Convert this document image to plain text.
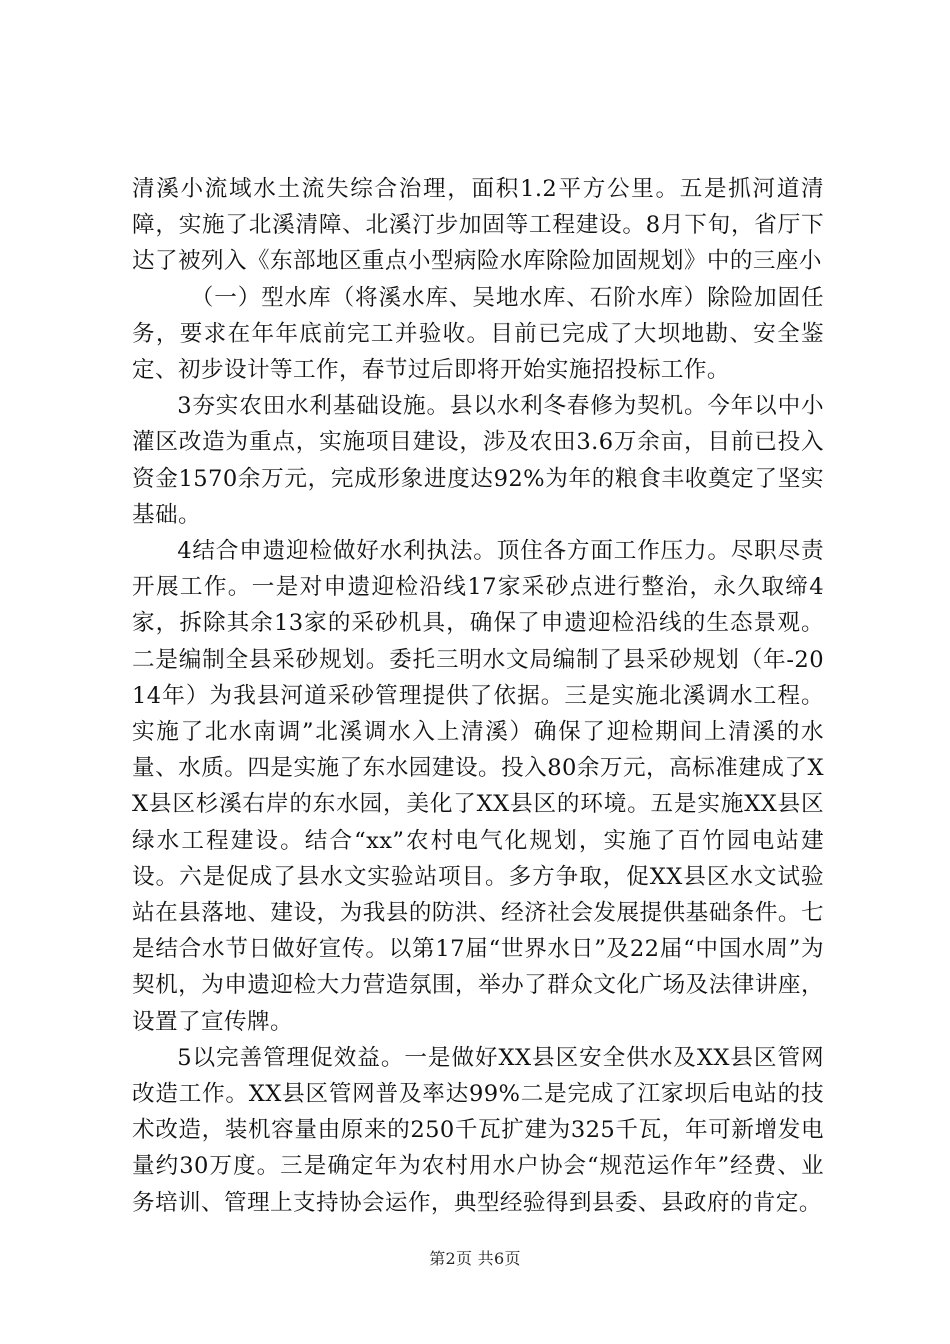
清溪小流域水土流失综合治理，面积1.2平方公里。五是抓河道清障，实施了北溪清障、北溪汀步加固等工程建设。8月下旬，省厅下达了被列入《东部地区重点小型病险水库除险加固规划》中的三座小

（一）型水库（将溪水库、吴地水库、石阶水库）除险加固任务，要求在年年底前完工并验收。目前已完成了大坝地勘、安全鉴定、初步设计等工作，春节过后即将开始实施招投标工作。

3夯实农田水利基础设施。县以水利冬春修为契机。今年以中小灌区改造为重点，实施项目建设，涉及农田3.6万余亩，目前已投入资金1570余万元，完成形象进度达92%为年的粮食丰收奠定了坚实基础。

4结合申遗迎检做好水利执法。顶住各方面工作压力。尽职尽责开展工作。一是对申遗迎检沿线17家采砂点进行整治，永久取缔4家，拆除其余13家的采砂机具，确保了申遗迎检沿线的生态景观。二是编制全县采砂规划。委托三明水文局编制了县采砂规划（年-2014年）为我县河道采砂管理提供了依据。三是实施北溪调水工程。实施了北水南调”北溪调水入上清溪）确保了迎检期间上清溪的水量、水质。四是实施了东水园建设。投入80余万元，高标准建成了XX县区杉溪右岸的东水园，美化了XX县区的环境。五是实施XX县区绿水工程建设。结合“xx”农村电气化规划，实施了百竹园电站建设。六是促成了县水文实验站项目。多方争取，促XX县区水文试验站在县落地、建设，为我县的防洪、经济社会发展提供基础条件。七是结合水节日做好宣传。以第17届“世界水日”及22届“中国水周”为契机，为申遗迎检大力营造氛围，举办了群众文化广场及法律讲座，设置了宣传牌。

5以完善管理促效益。一是做好XX县区安全供水及XX县区管网改造工作。XX县区管网普及率达99%二是完成了江家坝后电站的技术改造，装机容量由原来的250千瓦扩建为325千瓦，年可新增发电量约30万度。三是确定年为农村用水户协会“规范运作年”经费、业务培训、管理上支持协会运作，典型经验得到县委、县政府的肯定。

第2页 共6页
